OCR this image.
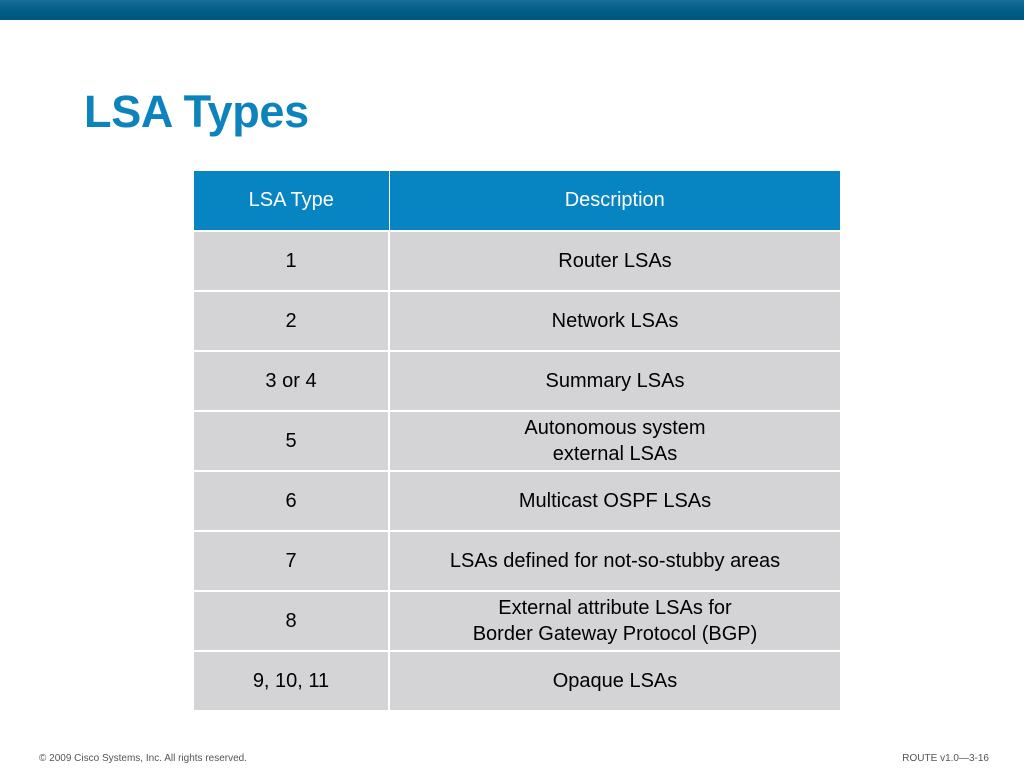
LSA Types
LSA Type	Description
1	Router LSAs

2	Network LSAs

3 or 4	Summary LSAs

5	Autonomous system
external LSAs

6	Multicast OSPF LSAs

7	LSAs defined for not-so-stubby areas

8	External attribute LSAs for
Border Gateway Protocol (BGP)

9, 10, 11	Opaque LSAs
© 2009 Cisco Systems, Inc. All rights reserved.	ROUTE v1.0—3-16
